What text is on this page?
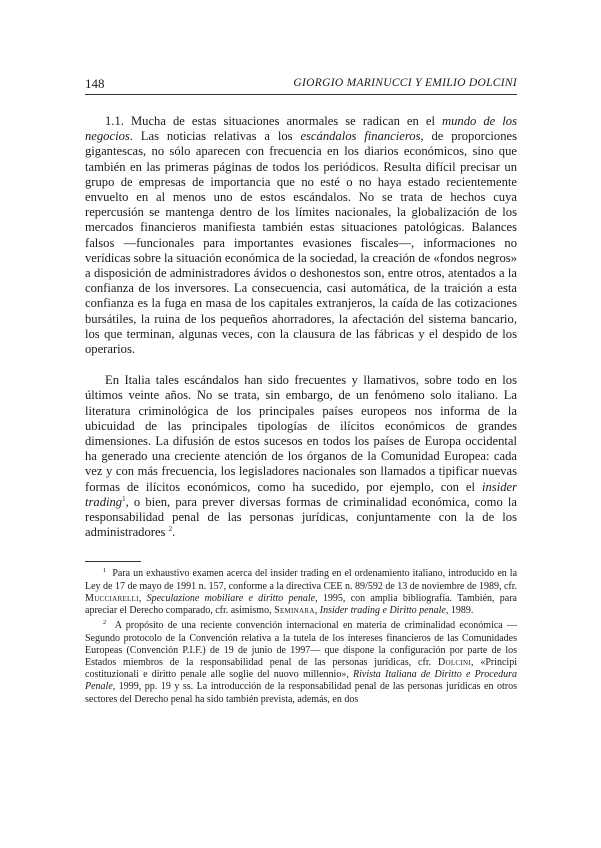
148	GIORGIO MARINUCCI Y EMILIO DOLCINI

1.1. Mucha de estas situaciones anormales se radican en el mundo de los negocios. Las noticias relativas a los escándalos financieros, de proporciones gigantescas, no sólo aparecen con frecuencia en los diarios económicos, sino que también en las primeras páginas de todos los periódicos. Resulta difícil precisar un grupo de empresas de importancia que no esté o no haya estado recientemente envuelto en al menos uno de estos escándalos. No se trata de hechos cuya repercusión se mantenga dentro de los límites nacionales, la globalización de los mercados financieros manifiesta también estas situaciones patológicas. Balances falsos —funcionales para importantes evasiones fiscales—, informaciones no verídicas sobre la situación económica de la sociedad, la creación de «fondos negros» a disposición de administradores ávidos o deshonestos son, entre otros, atentados a la confianza de los inversores. La consecuencia, casi automática, de la traición a esta confianza es la fuga en masa de los capitales extranjeros, la caída de las cotizaciones bursátiles, la ruina de los pequeños ahorradores, la afectación del sistema bancario, los que terminan, algunas veces, con la clausura de las fábricas y el despido de los operarios.

En Italia tales escándalos han sido frecuentes y llamativos, sobre todo en los últimos veinte años. No se trata, sin embargo, de un fenómeno solo italiano. La literatura criminológica de los principales países europeos nos informa de la ubicuidad de las principales tipologías de ilícitos económicos de grandes dimensiones. La difusión de estos sucesos en todos los países de Europa occidental ha generado una creciente atención de los órganos de la Comunidad Europea: cada vez y con más frecuencia, los legisladores nacionales son llamados a tipificar nuevas formas de ilícitos económicos, como ha sucedido, por ejemplo, con el insider trading$^1$, o bien, para prever diversas formas de criminalidad económica, como la responsabilidad penal de las personas jurídicas, conjuntamente con la de los administradores $^2$.

$^1$ Para un exhaustivo examen acerca del insider trading en el ordenamiento italiano, introducido en la Ley de 17 de mayo de 1991 n. 157, conforme a la directiva CEE n. 89/592 de 13 de noviembre de 1989, cfr. Mucciarelli, Speculazione mobiliare e diritto penale, 1995, con amplia bibliografía. También, para apreciar el Derecho comparado, cfr. asimismo, Seminara, Insider trading e Diritto penale, 1989.

$^2$ A propósito de una reciente convención internacional en materia de criminalidad económica —Segundo protocolo de la Convención relativa a la tutela de los intereses financieros de las Comunidades Europeas (Convención P.I.F.) de 19 de junio de 1997— que dispone la configuración por parte de los Estados miembros de la responsabilidad penal de las personas jurídicas, cfr. Dolcini, «Principi costituzionali e diritto penale alle soglie del nuovo millennio», Rivista Italiana de Diritto e Procedura Penale, 1999, pp. 19 y ss. La introducción de la responsabilidad penal de las personas jurídicas en otros sectores del Derecho penal ha sido también prevista, además, en dos
